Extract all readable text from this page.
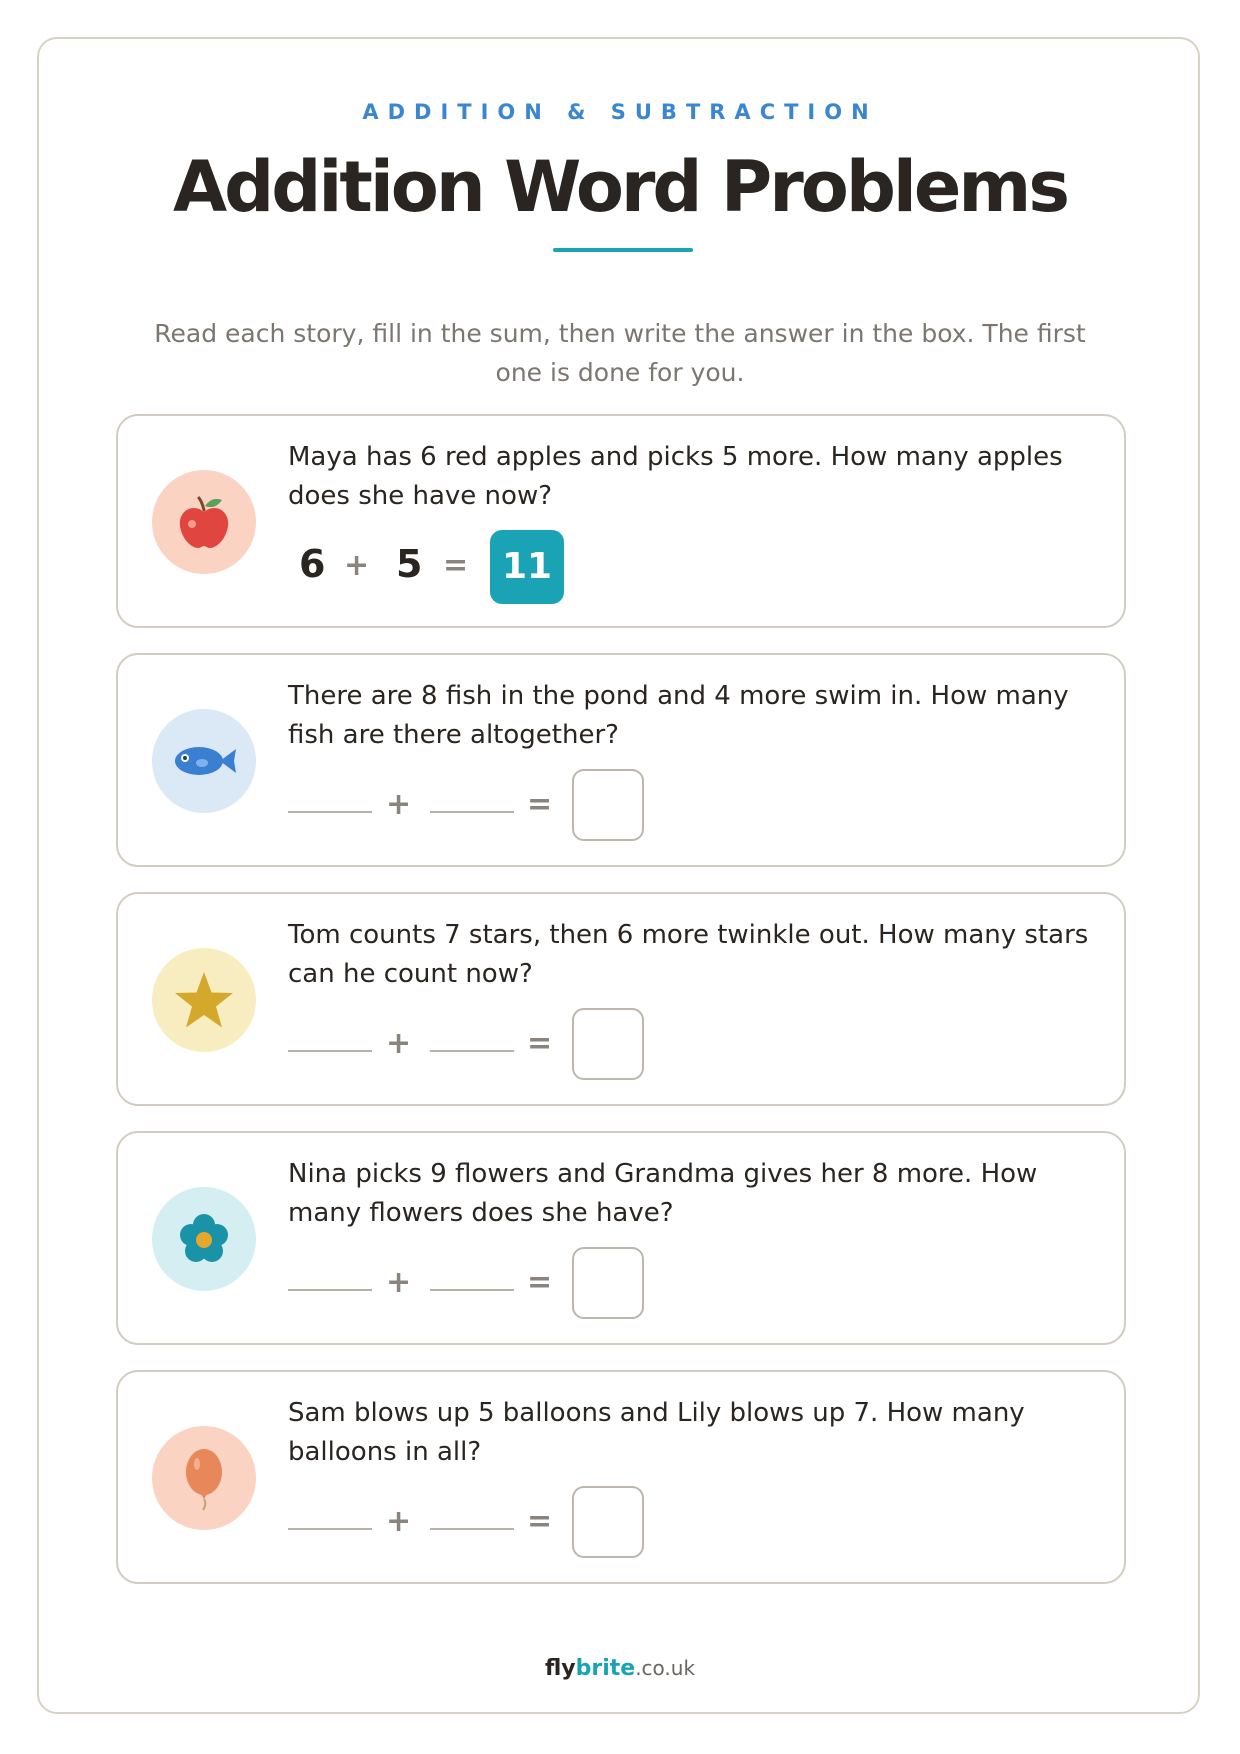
ADDITION & SUBTRACTION
Addition Word Problems
Read each story, fill in the sum, then write the answer in the box. The first one is done for you.
Maya has 6 red apples and picks 5 more. How many apples does she have now?
6 + 5 = 11
There are 8 fish in the pond and 4 more swim in. How many fish are there altogether?
+	=
Tom counts 7 stars, then 6 more twinkle out. How many stars can he count now?
+	=
Nina picks 9 flowers and Grandma gives her 8 more. How many flowers does she have?
+	=
Sam blows up 5 balloons and Lily blows up 7. How many balloons in all?
+	=
flybrite.co.uk
